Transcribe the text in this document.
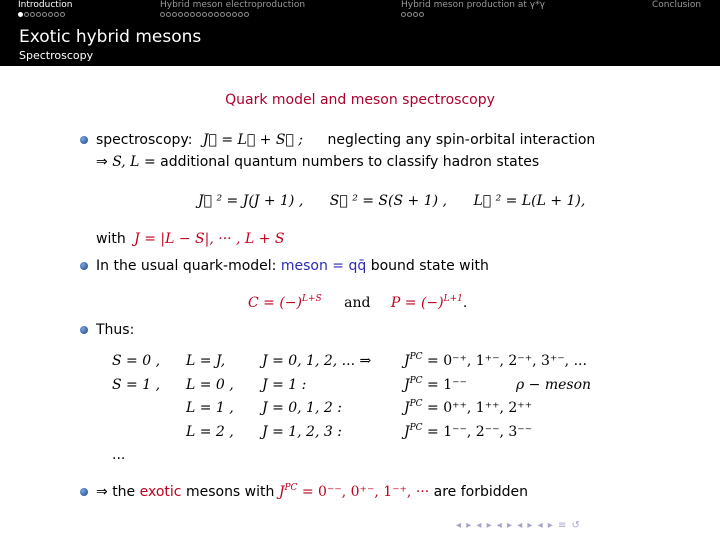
Introduction	Hybrid meson electroproduction	Hybrid meson production at γ*γ	Conclusion
Exotic hybrid mesons
Spectroscopy
Quark model and meson spectroscopy
spectroscopy: J⃗ = L⃗ + S⃗ ; neglecting any spin-orbital interaction
⇒ S, L = additional quantum numbers to classify hadron states
J⃗ ² = J(J + 1) , S⃗ ² = S(S + 1) , L⃗ ² = L(L + 1),
with J = |L − S|, ··· , L + S
In the usual quark-model: meson = qq̄ bound state with
$C = (-)^{L+S}$ and $P = (-)^{L+1}$.
Thus:
S = 0 , L = J,	J = 0, 1, 2, ... ⇒ $J^{PC} = 0^{-+}$, 1⁺⁻, 2⁻⁺, 3⁺⁻, ...
S = 1 , L = 0 , J = 1 :	$J^{PC} = 1^{--}$	ρ − meson
L = 1 , J = 0, 1, 2 :	$J^{PC} = 0^{++}$, 1⁺⁺, 2⁺⁺
L = 2 , J = 1, 2, 3 :	$J^{PC} = 1^{--}$, 2⁻⁻, 3⁻⁻
...
⇒ the exotic mesons with $J^{PC} = 0^{--}$, 0⁺⁻, 1⁻⁺, ··· are forbidden
◂ ▸ ◂ ▸ ◂ ▸ ◂ ▸ ◂ ▸ ≡ ↺
